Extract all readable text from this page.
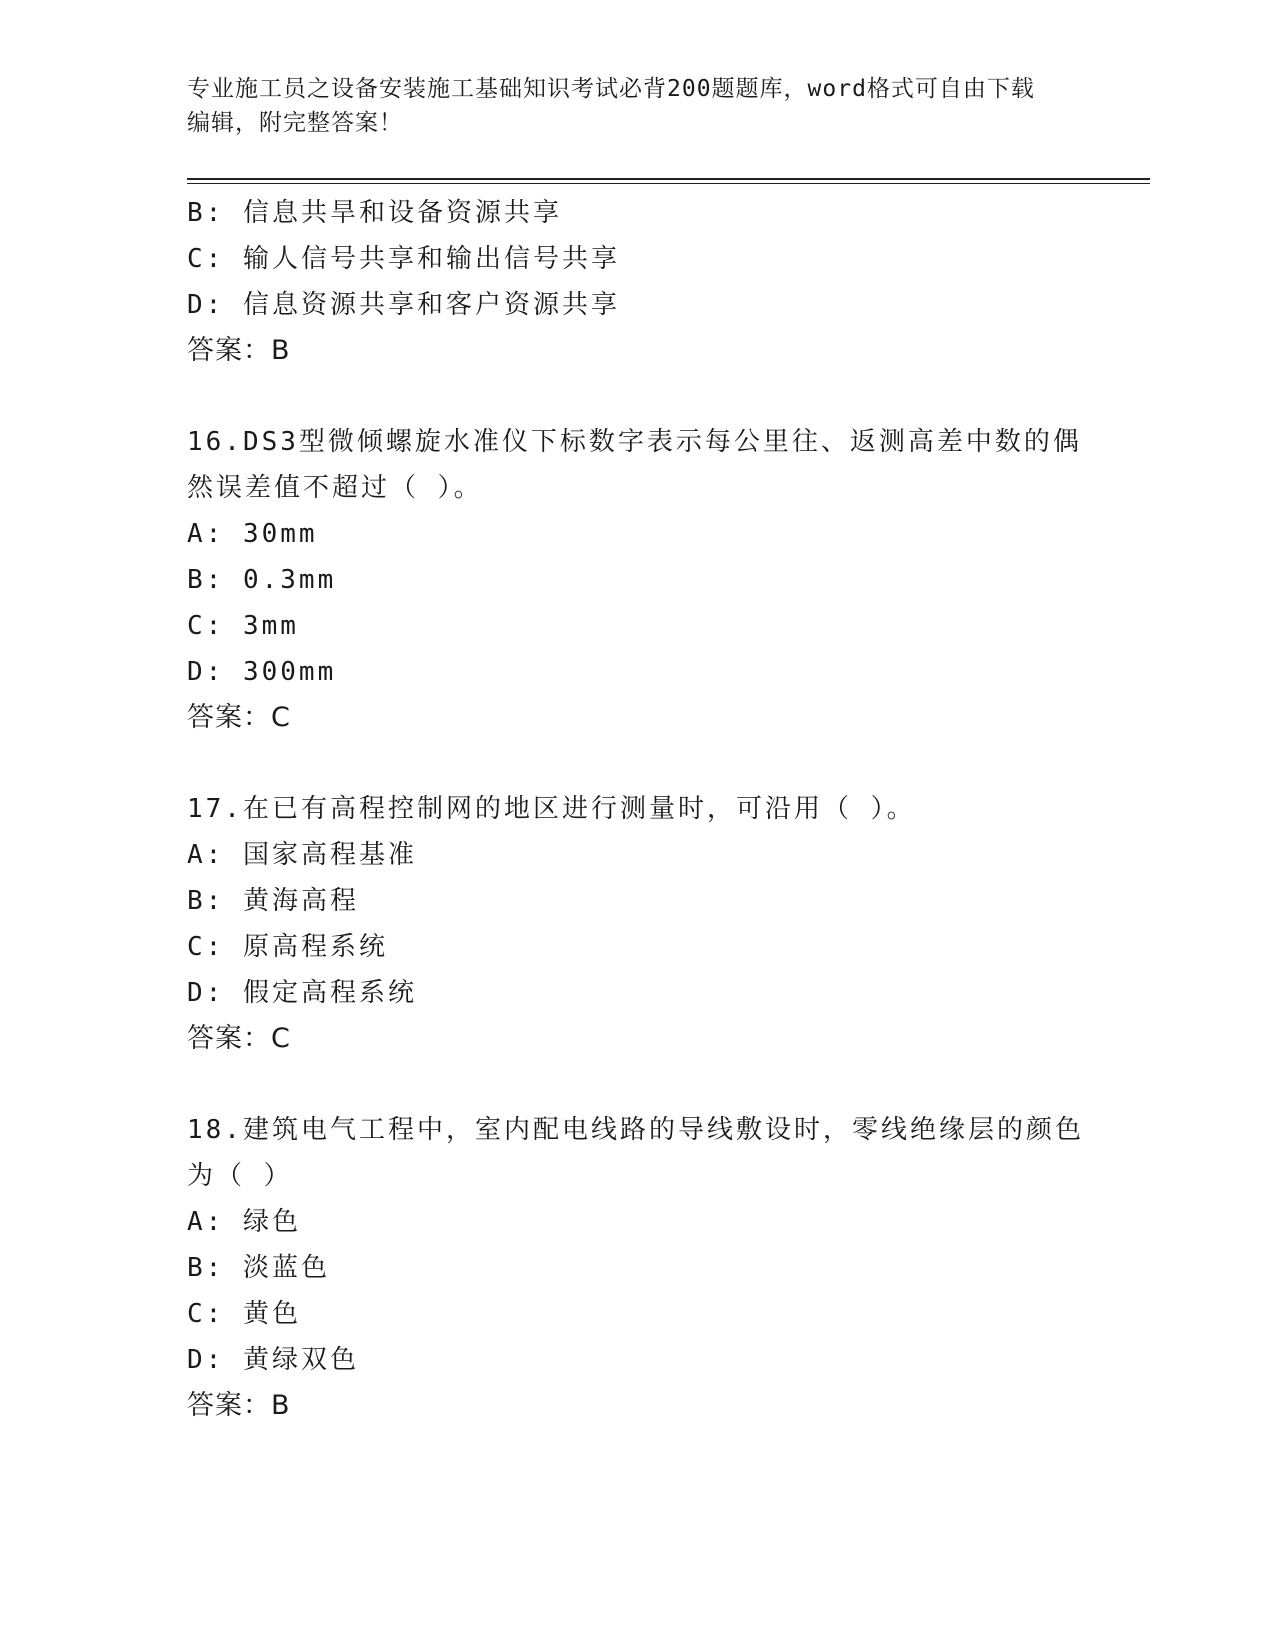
专业施工员之设备安装施工基础知识考试必背200题题库，word格式可自由下载
编辑，附完整答案！
B: 信息共旱和设备资源共享
C: 输人信号共享和输出信号共享
D: 信息资源共享和客户资源共享
答案：B
16.DS3型微倾螺旋水准仪下标数字表示每公里往、返测高差中数的偶
然误差值不超过（ ）。
A: 30mm
B: 0.3mm
C: 3mm
D: 300mm
答案：C
17.在已有高程控制网的地区进行测量时，可沿用（ ）。
A: 国家高程基准
B: 黄海高程
C: 原高程系统
D: 假定高程系统
答案：C
18.建筑电气工程中，室内配电线路的导线敷设时，零线绝缘层的颜色
为（ ）
A: 绿色
B: 淡蓝色
C: 黄色
D: 黄绿双色
答案：B
